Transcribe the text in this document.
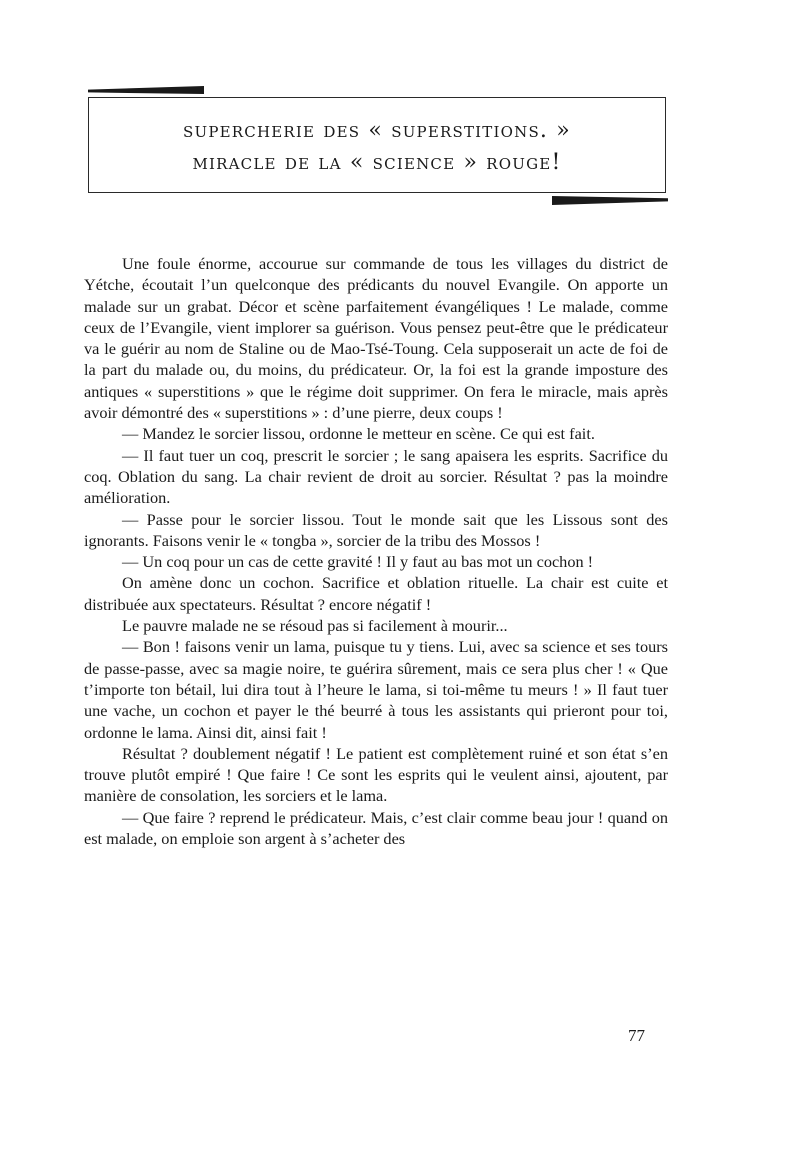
supercherie des « superstitions. »
miracle de la « science » rouge!

Une foule énorme, accourue sur commande de tous les villages du district de Yétche, écoutait l’un quelconque des prédicants du nouvel Evangile. On apporte un malade sur un grabat. Décor et scène parfaitement évangéliques ! Le malade, comme ceux de l’Evangile, vient implorer sa guérison. Vous pensez peut-être que le prédicateur va le guérir au nom de Staline ou de Mao-Tsé-Toung. Cela supposerait un acte de foi de la part du malade ou, du moins, du prédicateur. Or, la foi est la grande imposture des antiques « superstitions » que le régime doit supprimer. On fera le miracle, mais après avoir démontré des « superstitions » : d’une pierre, deux coups !

— Mandez le sorcier lissou, ordonne le metteur en scène. Ce qui est fait.

— Il faut tuer un coq, prescrit le sorcier ; le sang apaisera les esprits. Sacrifice du coq. Oblation du sang. La chair revient de droit au sorcier. Résultat ? pas la moindre amélioration.

— Passe pour le sorcier lissou. Tout le monde sait que les Lissous sont des ignorants. Faisons venir le « tongba », sorcier de la tribu des Mossos !

— Un coq pour un cas de cette gravité ! Il y faut au bas mot un cochon !

On amène donc un cochon. Sacrifice et oblation rituelle. La chair est cuite et distribuée aux spectateurs. Résultat ? encore négatif !

Le pauvre malade ne se résoud pas si facilement à mourir...

— Bon ! faisons venir un lama, puisque tu y tiens. Lui, avec sa science et ses tours de passe-passe, avec sa magie noire, te guérira sûrement, mais ce sera plus cher ! « Que t’importe ton bétail, lui dira tout à l’heure le lama, si toi-même tu meurs ! » Il faut tuer une vache, un cochon et payer le thé beurré à tous les assistants qui prieront pour toi, ordonne le lama. Ainsi dit, ainsi fait !

Résultat ? doublement négatif ! Le patient est complètement ruiné et son état s’en trouve plutôt empiré ! Que faire ! Ce sont les esprits qui le veulent ainsi, ajoutent, par manière de consolation, les sorciers et le lama.

— Que faire ? reprend le prédicateur. Mais, c’est clair comme beau jour ! quand on est malade, on emploie son argent à s’acheter des

77
